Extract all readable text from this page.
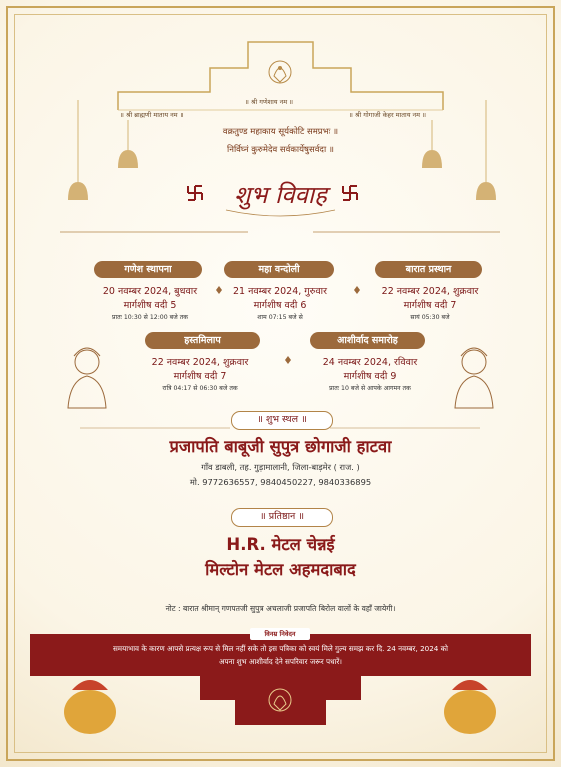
॥ श्री ब्राह्मणी माताय नम ॥
॥ श्री गणेशाय नम ॥
॥ श्री गोगाजी केहर माताय नम ॥
वक्रतुण्ड महाकाय सूर्यकोटि समप्रभः ॥
निर्विघ्नं कुरुमेदेव सर्वकार्येषुसर्वदा ॥
शुभ विवाह
गणेश स्थापना
20 नवम्बर 2024, बुधवार
मार्गशीष वदी 5
प्रातः 10:30 से 12:00 बजे तक
महा वन्दोली
21 नवम्बर 2024, गुरुवार
मार्गशीष वदी 6
शाम 07:15 बजे से
बारात प्रस्थान
22 नवम्बर 2024, शुक्रवार
मार्गशीष वदी 7
सायं 05:30 बजे
हस्तमिलाप
22 नवम्बर 2024, शुक्रवार
मार्गशीष वदी 7
रात्रि 04:17 से 06:30 बजे तक
आशीर्वाद समारोह
24 नवम्बर 2024, रविवार
मार्गशीष वदी 9
प्रातः 10 बजे से आपके आगमन तक
॥ शुभ स्थल ॥
प्रजापति बाबूजी सुपुत्र छोगाजी हाटवा
गाँव डाबली, तह. गुड़ामालानी, जिला-बाड़मेर ( राज. )
मो. 9772636557, 9840450227, 9840336895
॥ प्रतिष्ठान ॥
H.R. मेटल चेन्नई
मिल्टोन मेटल अहमदाबाद
नोट : बारात श्रीमान् गणपतजी सुपुत्र अचलाजी प्रजापति बिरोल वालों के वहाँ जायेगी।
समयाभाव के कारण आपसे प्रत्यक्ष रूप से मिल नहीं सके तो इस पत्रिका को स्वयं मिले गुल्य समझ कर दि. 24 नवम्बर, 2024 को
अपना शुभ आशीर्वाद देने सपरिवार जरूर पधारें।
विनम्र निवेदन
